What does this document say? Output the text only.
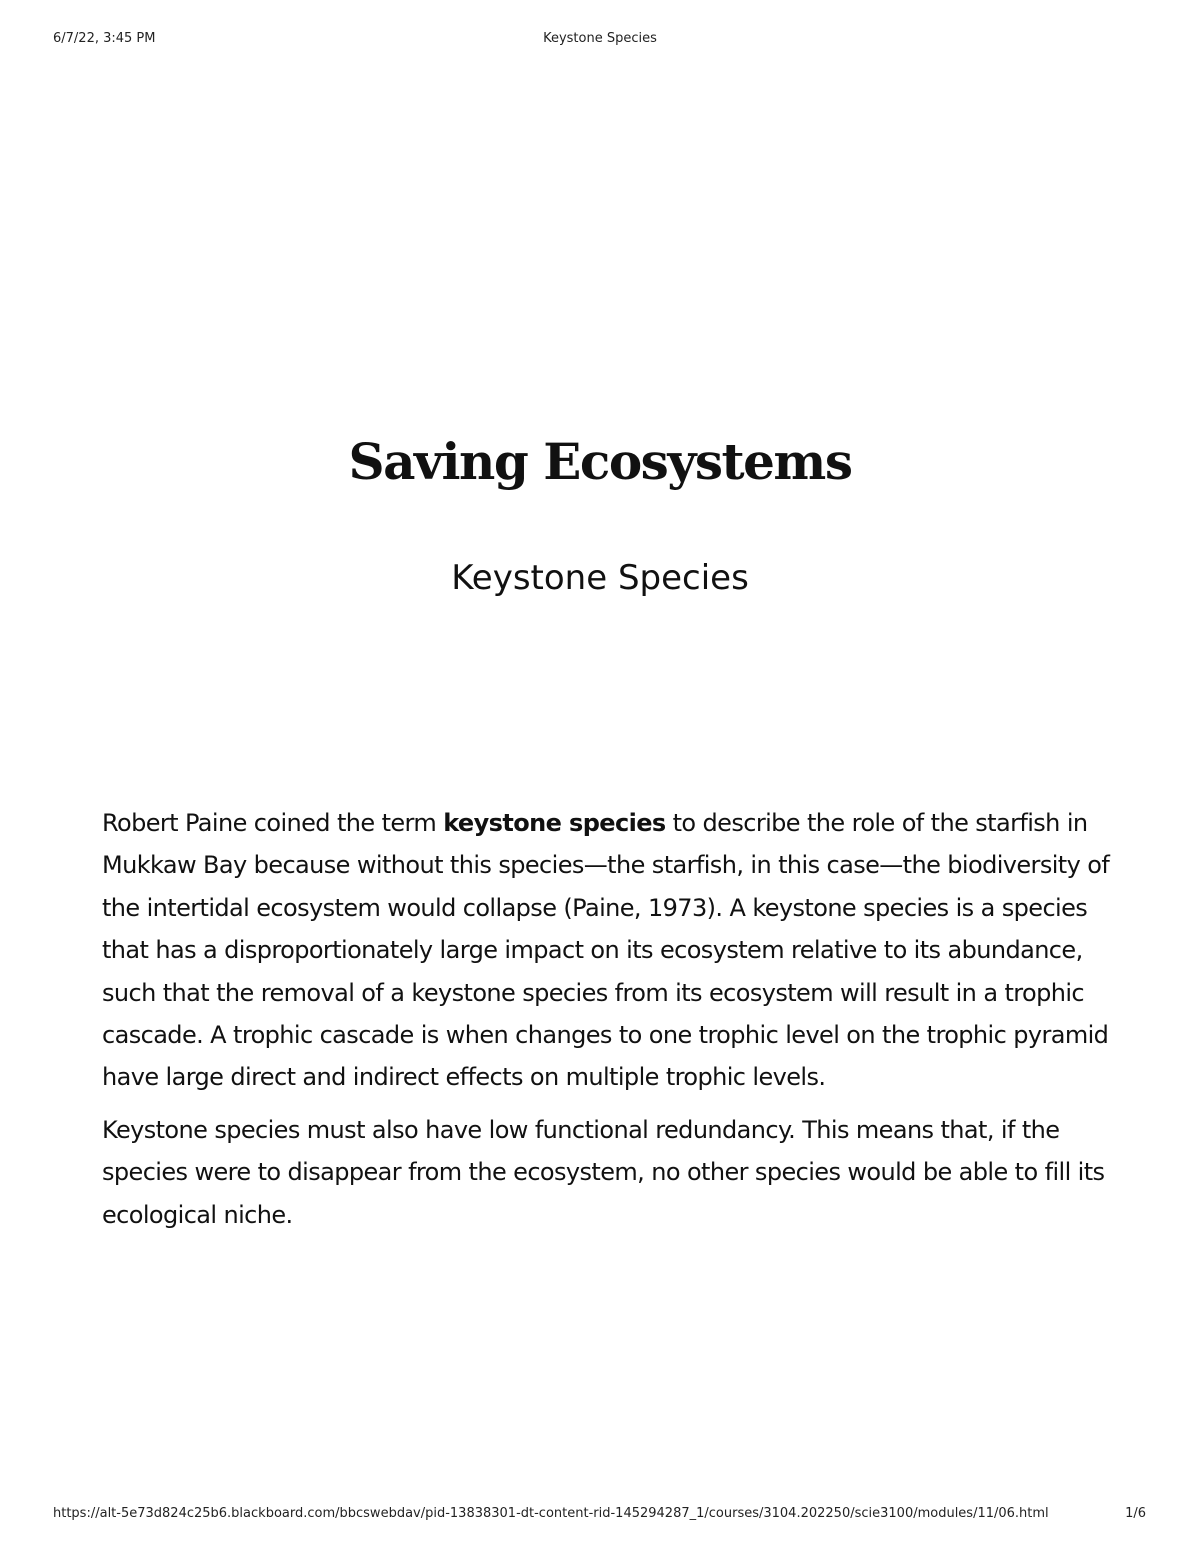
6/7/22, 3:45 PM	Keystone Species
Saving Ecosystems
Keystone Species

Robert Paine coined the term keystone species to describe the role of the starfish in Mukkaw Bay because without this species—the starfish, in this case—the biodiversity of the intertidal ecosystem would collapse (Paine, 1973). A keystone species is a species that has a disproportionately large impact on its ecosystem relative to its abundance, such that the removal of a keystone species from its ecosystem will result in a trophic cascade. A trophic cascade is when changes to one trophic level on the trophic pyramid have large direct and indirect effects on multiple trophic levels.

Keystone species must also have low functional redundancy. This means that, if the species were to disappear from the ecosystem, no other species would be able to fill its ecological niche.

https://alt-5e73d824c25b6.blackboard.com/bbcswebdav/pid-13838301-dt-content-rid-145294287_1/courses/3104.202250/scie3100/modules/11/06.html	1/6
